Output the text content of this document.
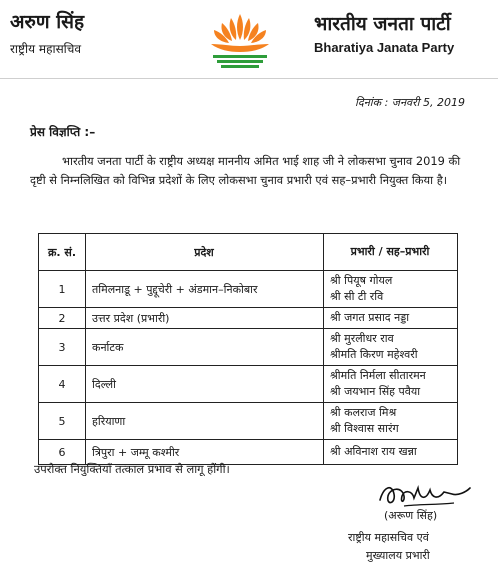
अरुण सिंह
राष्ट्रीय महासचिव
भारतीय जनता पार्टी
Bharatiya Janata Party
दिनांक : जनवरी 5, 2019
प्रेस विज्ञप्ति :–
भारतीय जनता पार्टी के राष्ट्रीय अध्यक्ष माननीय अमित भाई शाह जी ने लोकसभा चुनाव 2019 की दृष्टी से निम्नलिखित को विभिन्न प्रदेशों के लिए लोकसभा चुनाव प्रभारी एवं सह–प्रभारी नियुक्त किया है।
क्र. सं.	प्रदेश	प्रभारी / सह–प्रभारी
1	तमिलनाडू + पुद्दूचेरी + अंडमान–निकोबार	श्री पियूष गोयल
श्री सी टी रवि

2	उत्तर प्रदेश (प्रभारी)	श्री जगत प्रसाद नड्डा

3	कर्नाटक	श्री मुरलीधर राव
श्रीमति किरण महेश्वरी

4	दिल्ली	श्रीमति निर्मला सीतारमन
श्री जयभान सिंह पवैया

5	हरियाणा	श्री कलराज मिश्र
श्री विश्वास सारंग

6	त्रिपुरा + जम्मू कश्मीर	श्री अविनाश राय खन्ना
उपरोक्त नियुक्तियाँ तत्काल प्रभाव से लागू होंगी।
(अरूण सिंह)
राष्ट्रीय महासचिव एवं
मुख्यालय प्रभारी
